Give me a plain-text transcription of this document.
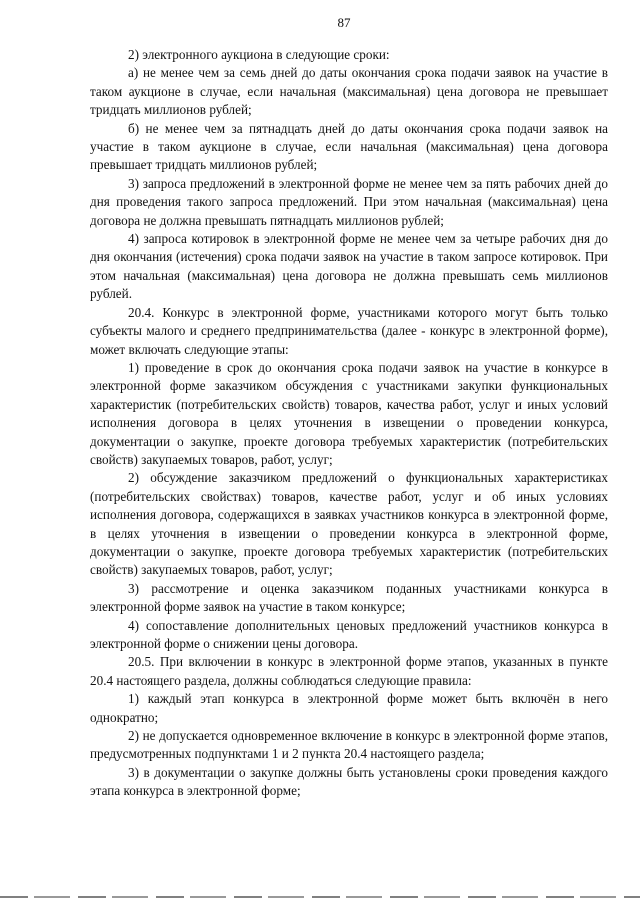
87

2) электронного аукциона в следующие сроки:

а) не менее чем за семь дней до даты окончания срока подачи заявок на участие в таком аукционе в случае, если начальная (максимальная) цена договора не превышает тридцать миллионов рублей;

б) не менее чем за пятнадцать дней до даты окончания срока подачи заявок на участие в таком аукционе в случае, если начальная (максимальная) цена договора превышает тридцать миллионов рублей;

3) запроса предложений в электронной форме не менее чем за пять рабочих дней до дня проведения такого запроса предложений. При этом начальная (максимальная) цена договора не должна превышать пятнадцать миллионов рублей;

4) запроса котировок в электронной форме не менее чем за четыре рабочих дня до дня окончания (истечения) срока подачи заявок на участие в таком запросе котировок. При этом начальная (максимальная) цена договора не должна превышать семь миллионов рублей.

20.4. Конкурс в электронной форме, участниками которого могут быть только субъекты малого и среднего предпринимательства (далее - конкурс в электронной форме), может включать следующие этапы:

1) проведение в срок до окончания срока подачи заявок на участие в конкурсе в электронной форме заказчиком обсуждения с участниками закупки функциональных характеристик (потребительских свойств) товаров, качества работ, услуг и иных условий исполнения договора в целях уточнения в извещении о проведении конкурса, документации о закупке, проекте договора требуемых характеристик (потребительских свойств) закупаемых товаров, работ, услуг;

2) обсуждение заказчиком предложений о функциональных характеристиках (потребительских свойствах) товаров, качестве работ, услуг и об иных условиях исполнения договора, содержащихся в заявках участников конкурса в электронной форме, в целях уточнения в извещении о проведении конкурса в электронной форме, документации о закупке, проекте договора требуемых характеристик (потребительских свойств) закупаемых товаров, работ, услуг;

3) рассмотрение и оценка заказчиком поданных участниками конкурса в электронной форме заявок на участие в таком конкурсе;

4) сопоставление дополнительных ценовых предложений участников конкурса в электронной форме о снижении цены договора.

20.5. При включении в конкурс в электронной форме этапов, указанных в пункте 20.4 настоящего раздела, должны соблюдаться следующие правила:

1) каждый этап конкурса в электронной форме может быть включён в него однократно;

2) не допускается одновременное включение в конкурс в электронной форме этапов, предусмотренных подпунктами 1 и 2 пункта 20.4 настоящего раздела;

3) в документации о закупке должны быть установлены сроки проведения каждого этапа конкурса в электронной форме;
